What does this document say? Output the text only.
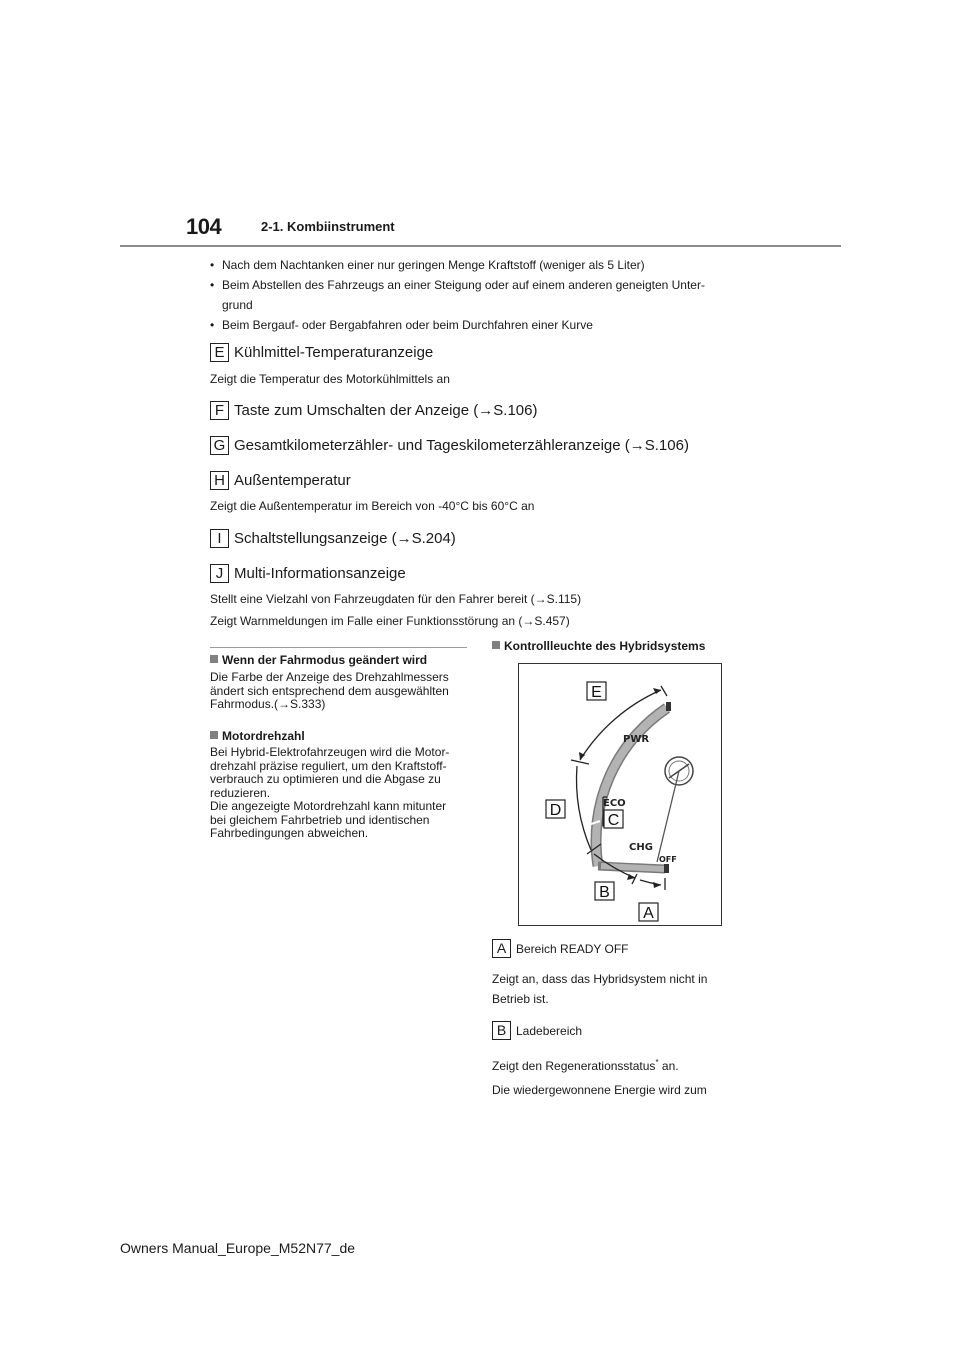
104	2-1. Kombiinstrument
• Nach dem Nachtanken einer nur geringen Menge Kraftstoff (weniger als 5 Liter)
• Beim Abstellen des Fahrzeugs an einer Steigung oder auf einem anderen geneigten Unter-
grund
• Beim Bergauf- oder Bergabfahren oder beim Durchfahren einer Kurve
E Kühlmittel-Temperaturanzeige
Zeigt die Temperatur des Motorkühlmittels an
F Taste zum Umschalten der Anzeige (→S.106)
G Gesamtkilometerzähler- und Tageskilometerzähleranzeige (→S.106)
H Außentemperatur
Zeigt die Außentemperatur im Bereich von -40°C bis 60°C an
I Schaltstellungsanzeige (→S.204)
J Multi-Informationsanzeige
Stellt eine Vielzahl von Fahrzeugdaten für den Fahrer bereit (→S.115)
Zeigt Warnmeldungen im Falle einer Funktionsstörung an (→S.457)
Wenn der Fahrmodus geändert wird
Die Farbe der Anzeige des Drehzahlmessers
ändert sich entsprechend dem ausgewählten
Fahrmodus.(→S.333)
Motordrehzahl
Bei Hybrid-Elektrofahrzeugen wird die Motor-
drehzahl präzise reguliert, um den Kraftstoff-
verbrauch zu optimieren und die Abgase zu
reduzieren.
Die angezeigte Motordrehzahl kann mitunter
bei gleichem Fahrbetrieb und identischen
Fahrbedingungen abweichen.
Kontrollleuchte des Hybridsystems
PWR
ECO
CHG
OFF
E
D
C
B
A
A Bereich READY OFF
Zeigt an, dass das Hybridsystem nicht in
Betrieb ist.
B Ladebereich
Zeigt den Regenerationsstatus* an.
Die wiedergewonnene Energie wird zum
Owners Manual_Europe_M52N77_de
